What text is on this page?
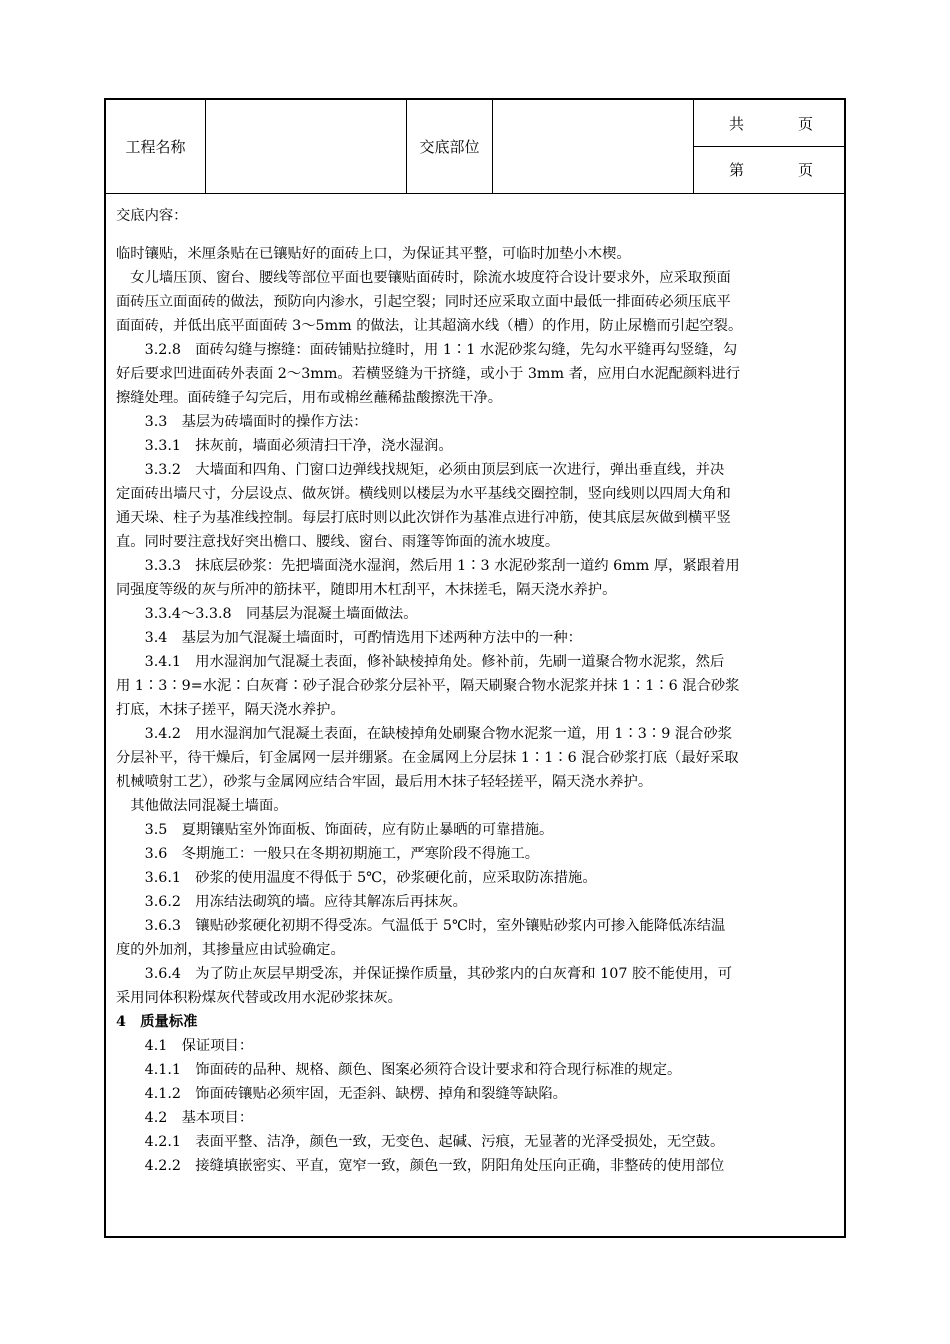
工程名称	交底部位
共	页
第	页
交底内容：
临时镶贴，米厘条贴在已镶贴好的面砖上口，为保证其平整，可临时加垫小木楔。
　女儿墙压顶、窗台、腰线等部位平面也要镶贴面砖时，除流水坡度符合设计要求外，应采取预面
面砖压立面面砖的做法，预防向内渗水，引起空裂；同时还应采取立面中最低一排面砖必须压底平
面面砖，并低出底平面面砖 3～5mm 的做法，让其超滴水线（槽）的作用，防止尿檐而引起空裂。
　　3.2.8　面砖勾缝与擦缝：面砖铺贴拉缝时，用 1∶1 水泥砂浆勾缝，先勾水平缝再勾竖缝，勾
好后要求凹进面砖外表面 2～3mm。若横竖缝为干挤缝，或小于 3mm 者，应用白水泥配颜料进行
擦缝处理。面砖缝子勾完后，用布或棉丝蘸稀盐酸擦洗干净。
　　3.3　基层为砖墙面时的操作方法：
　　3.3.1　抹灰前，墙面必须清扫干净，浇水湿润。
　　3.3.2　大墙面和四角、门窗口边弹线找规矩，必须由顶层到底一次进行，弹出垂直线，并决
定面砖出墙尺寸，分层设点、做灰饼。横线则以楼层为水平基线交圈控制，竖向线则以四周大角和
通天垛、柱子为基准线控制。每层打底时则以此次饼作为基准点进行冲筋，使其底层灰做到横平竖
直。同时要注意找好突出檐口、腰线、窗台、雨篷等饰面的流水坡度。
　　3.3.3　抹底层砂浆：先把墙面浇水湿润，然后用 1∶3 水泥砂浆刮一道约 6mm 厚，紧跟着用
同强度等级的灰与所冲的筋抹平，随即用木杠刮平，木抹搓毛，隔天浇水养护。
　　3.3.4～3.3.8　同基层为混凝土墙面做法。
　　3.4　基层为加气混凝土墙面时，可酌情选用下述两种方法中的一种：
　　3.4.1　用水湿润加气混凝土表面，修补缺棱掉角处。修补前，先刷一道聚合物水泥浆，然后
用 1∶3∶9=水泥∶白灰膏∶砂子混合砂浆分层补平，隔天刷聚合物水泥浆并抹 1∶1∶6 混合砂浆
打底，木抹子搓平，隔天浇水养护。
　　3.4.2　用水湿润加气混凝土表面，在缺棱掉角处刷聚合物水泥浆一道，用 1∶3∶9 混合砂浆
分层补平，待干燥后，钉金属网一层并绷紧。在金属网上分层抹 1∶1∶6 混合砂浆打底（最好采取
机械喷射工艺），砂浆与金属网应结合牢固，最后用木抹子轻轻搓平，隔天浇水养护。
　其他做法同混凝土墙面。
　　3.5　夏期镶贴室外饰面板、饰面砖，应有防止暴晒的可靠措施。
　　3.6　冬期施工：一般只在冬期初期施工，严寒阶段不得施工。
　　3.6.1　砂浆的使用温度不得低于 5℃，砂浆硬化前，应采取防冻措施。
　　3.6.2　用冻结法砌筑的墙。应待其解冻后再抹灰。
　　3.6.3　镶贴砂浆硬化初期不得受冻。气温低于 5℃时，室外镶贴砂浆内可掺入能降低冻结温
度的外加剂，其掺量应由试验确定。
　　3.6.4　为了防止灰层早期受冻，并保证操作质量，其砂浆内的白灰膏和 107 胶不能使用，可
采用同体积粉煤灰代替或改用水泥砂浆抹灰。
4　质量标准
　　4.1　保证项目：
　　4.1.1　饰面砖的品种、规格、颜色、图案必须符合设计要求和符合现行标准的规定。
　　4.1.2　饰面砖镶贴必须牢固，无歪斜、缺楞、掉角和裂缝等缺陷。
　　4.2　基本项目：
　　4.2.1　表面平整、洁净，颜色一致，无变色、起碱、污痕，无显著的光泽受损处，无空鼓。
　　4.2.2　接缝填嵌密实、平直，宽窄一致，颜色一致，阴阳角处压向正确，非整砖的使用部位
